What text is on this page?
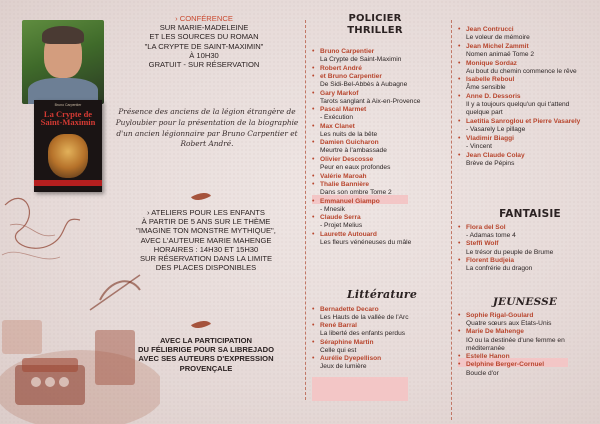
Bruno Carpentier
La Crypte de Saint-Maximin
› CONFÉRENCE
SUR MARIE-MADELEINE
ET LES SOURCES DU ROMAN
"LA CRYPTE DE SAINT-MAXIMIN"
À 10H30
GRATUIT - SUR RÉSERVATION
Présence des anciens de la légion étrangère de Puyloubier pour la présentation de la biographie d'un ancien légionnaire par Bruno Carpentier et Robert André.
› ATELIERS POUR LES ENFANTS
À PARTIR DE 5 ANS SUR LE THÈME
"IMAGINE TON MONSTRE MYTHIQUE",
AVEC L'AUTEURE MARIE MAHENGE
HORAIRES : 14H30 ET 15H30
SUR RÉSERVATION DANS LA LIMITE
DES PLACES DISPONIBLES
AVEC LA PARTICIPATION
DU FÉLIBRIGE POUR SA LIBREJADO
AVEC SES AUTEURS D'EXPRESSION
PROVENÇALE
POLICIER
THRILLER
• Bruno Carpentier
La Crypte de Saint-Maximin
• Robert André
• et Bruno Carpentier
De Sidi-Bel-Abbès à Aubagne
• Gary Markof
Tarots sanglant à Aix-en-Provence
• Pascal Marmet
- Exécution
• Max Clanet
Les nuits de la bête
• Damien Guicharon
Meurtre à l'ambassade
• Olivier Descosse
Peur en eaux profondes
• Valérie Maroah
• Thalie Bannière
Dans son ombre Tome 2
• Emmanuel Giampo
- Mnesik
• Claude Serra
- Projet Melius
• Laurette Autouard
Les fleurs vénéneuses du mâle
Littérature
• Bernadette Decaro
Les Hauts de la vallée de l'Arc
• René Barral
La liberté des enfants perdus
• Séraphine Martin
Celle qui est
• Aurélie Dyepellison
Jeux de lumière
• Jean Contrucci
Le voleur de mémoire
• Jean Michel Zammit
Nomen animaë Tome 2
• Monique Sordaz
Au bout du chemin commence le rêve
• Isabelle Reboul
Âme sensible
• Anne D. Dessoris
Il y a toujours quelqu'un qui t'attend quelque part
• Laetitia Sanroglou et Pierre Vasarely
- Vasarely Le pillage
• Vladimir Biaggi
- Vincent
• Jean Claude Colay
Brève de Pépins
FANTAISIE
• Flora del Sol
- Adamas tome 4
• Steffi Wolf
Le trésor du peuple de Brume
• Florent Budjeia
La confrérie du dragon
JEUNESSE
• Sophie Rigal-Goulard
Quatre sœurs aux Etats-Unis
• Marie De Mahenge
IO ou la destinée d'une femme en méditerranée
• Estelle Hanon
• Delphine Berger-Cornuel
Boucle d'or
